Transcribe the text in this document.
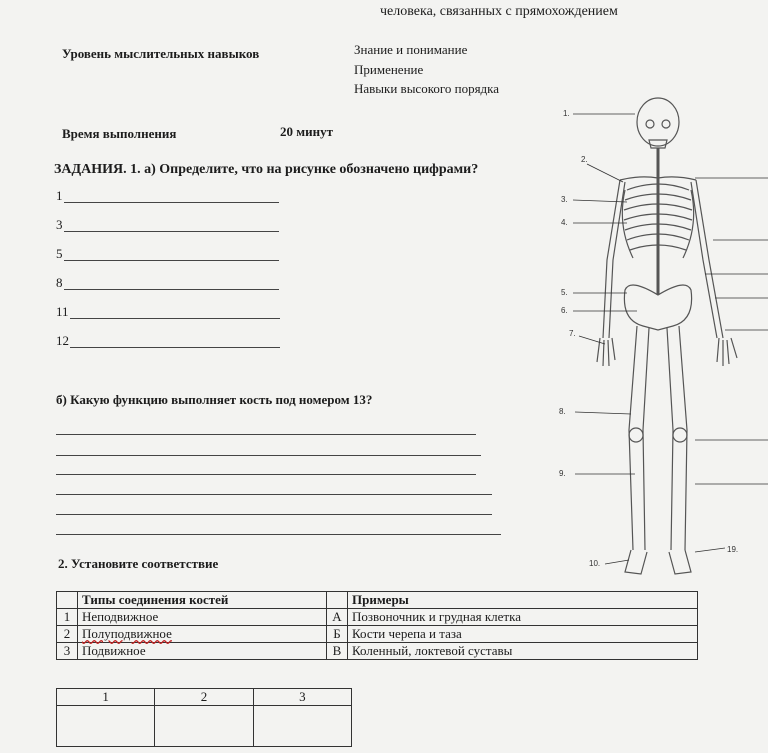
человека, связанных с прямохождением
Уровень мыслительных навыков	Знание и понимание
Применение
Навыки высокого порядка
Время выполнения	20 минут
ЗАДАНИЯ. 1. а) Определите, что на рисунке обозначено цифрами?
1
3
5
8
11
12
б) Какую функцию выполняет кость под номером 13?
1.
2.
3.
4.
5.
6.
7.
8.
9.
10.
19.
2. Установите соответствие
	Типы соединения костей		Примеры
1	Неподвижное	А	Позвоночник и грудная клетка
2	Полуподвижное	Б	Кости черепа и таза
3	Подвижное	В	Коленный, локтевой суставы
1	2	3
